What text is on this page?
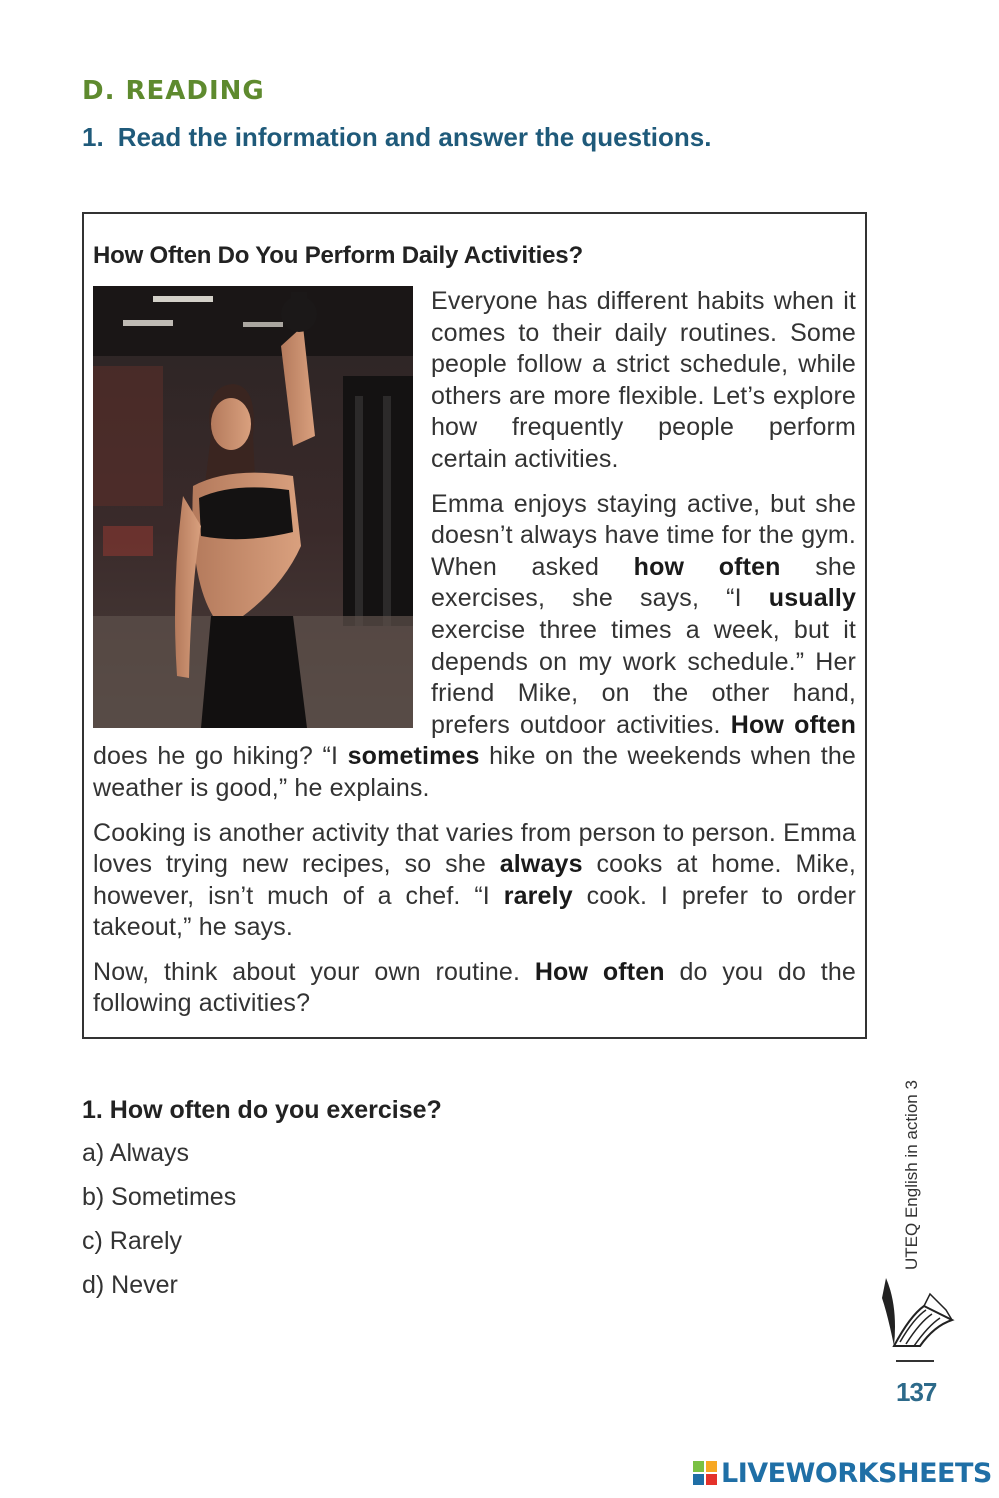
D. READING
1. Read the information and answer the questions.
How Often Do You Perform Daily Activities?

Everyone has different habits when it comes to their daily routines. Some people follow a strict schedule, while others are more flexible. Let’s explore how frequently people perform certain activities.

Emma enjoys staying active, but she doesn’t always have time for the gym. When asked how often she exercises, she says, “I usually exercise three times a week, but it depends on my work schedule.” Her friend Mike, on the other hand, prefers outdoor activities. How often does he go hiking? “I sometimes hike on the weekends when the weather is good,” he explains.

Cooking is another activity that varies from person to person. Emma loves trying new recipes, so she always cooks at home. Mike, however, isn’t much of a chef. “I rarely cook. I prefer to order takeout,” he says.

Now, think about your own routine. How often do you do the following activities?

1. How often do you exercise?
a) Always
b) Sometimes
c) Rarely
d) Never
UTEQ English in action 3
137
LIVEWORKSHEETS
